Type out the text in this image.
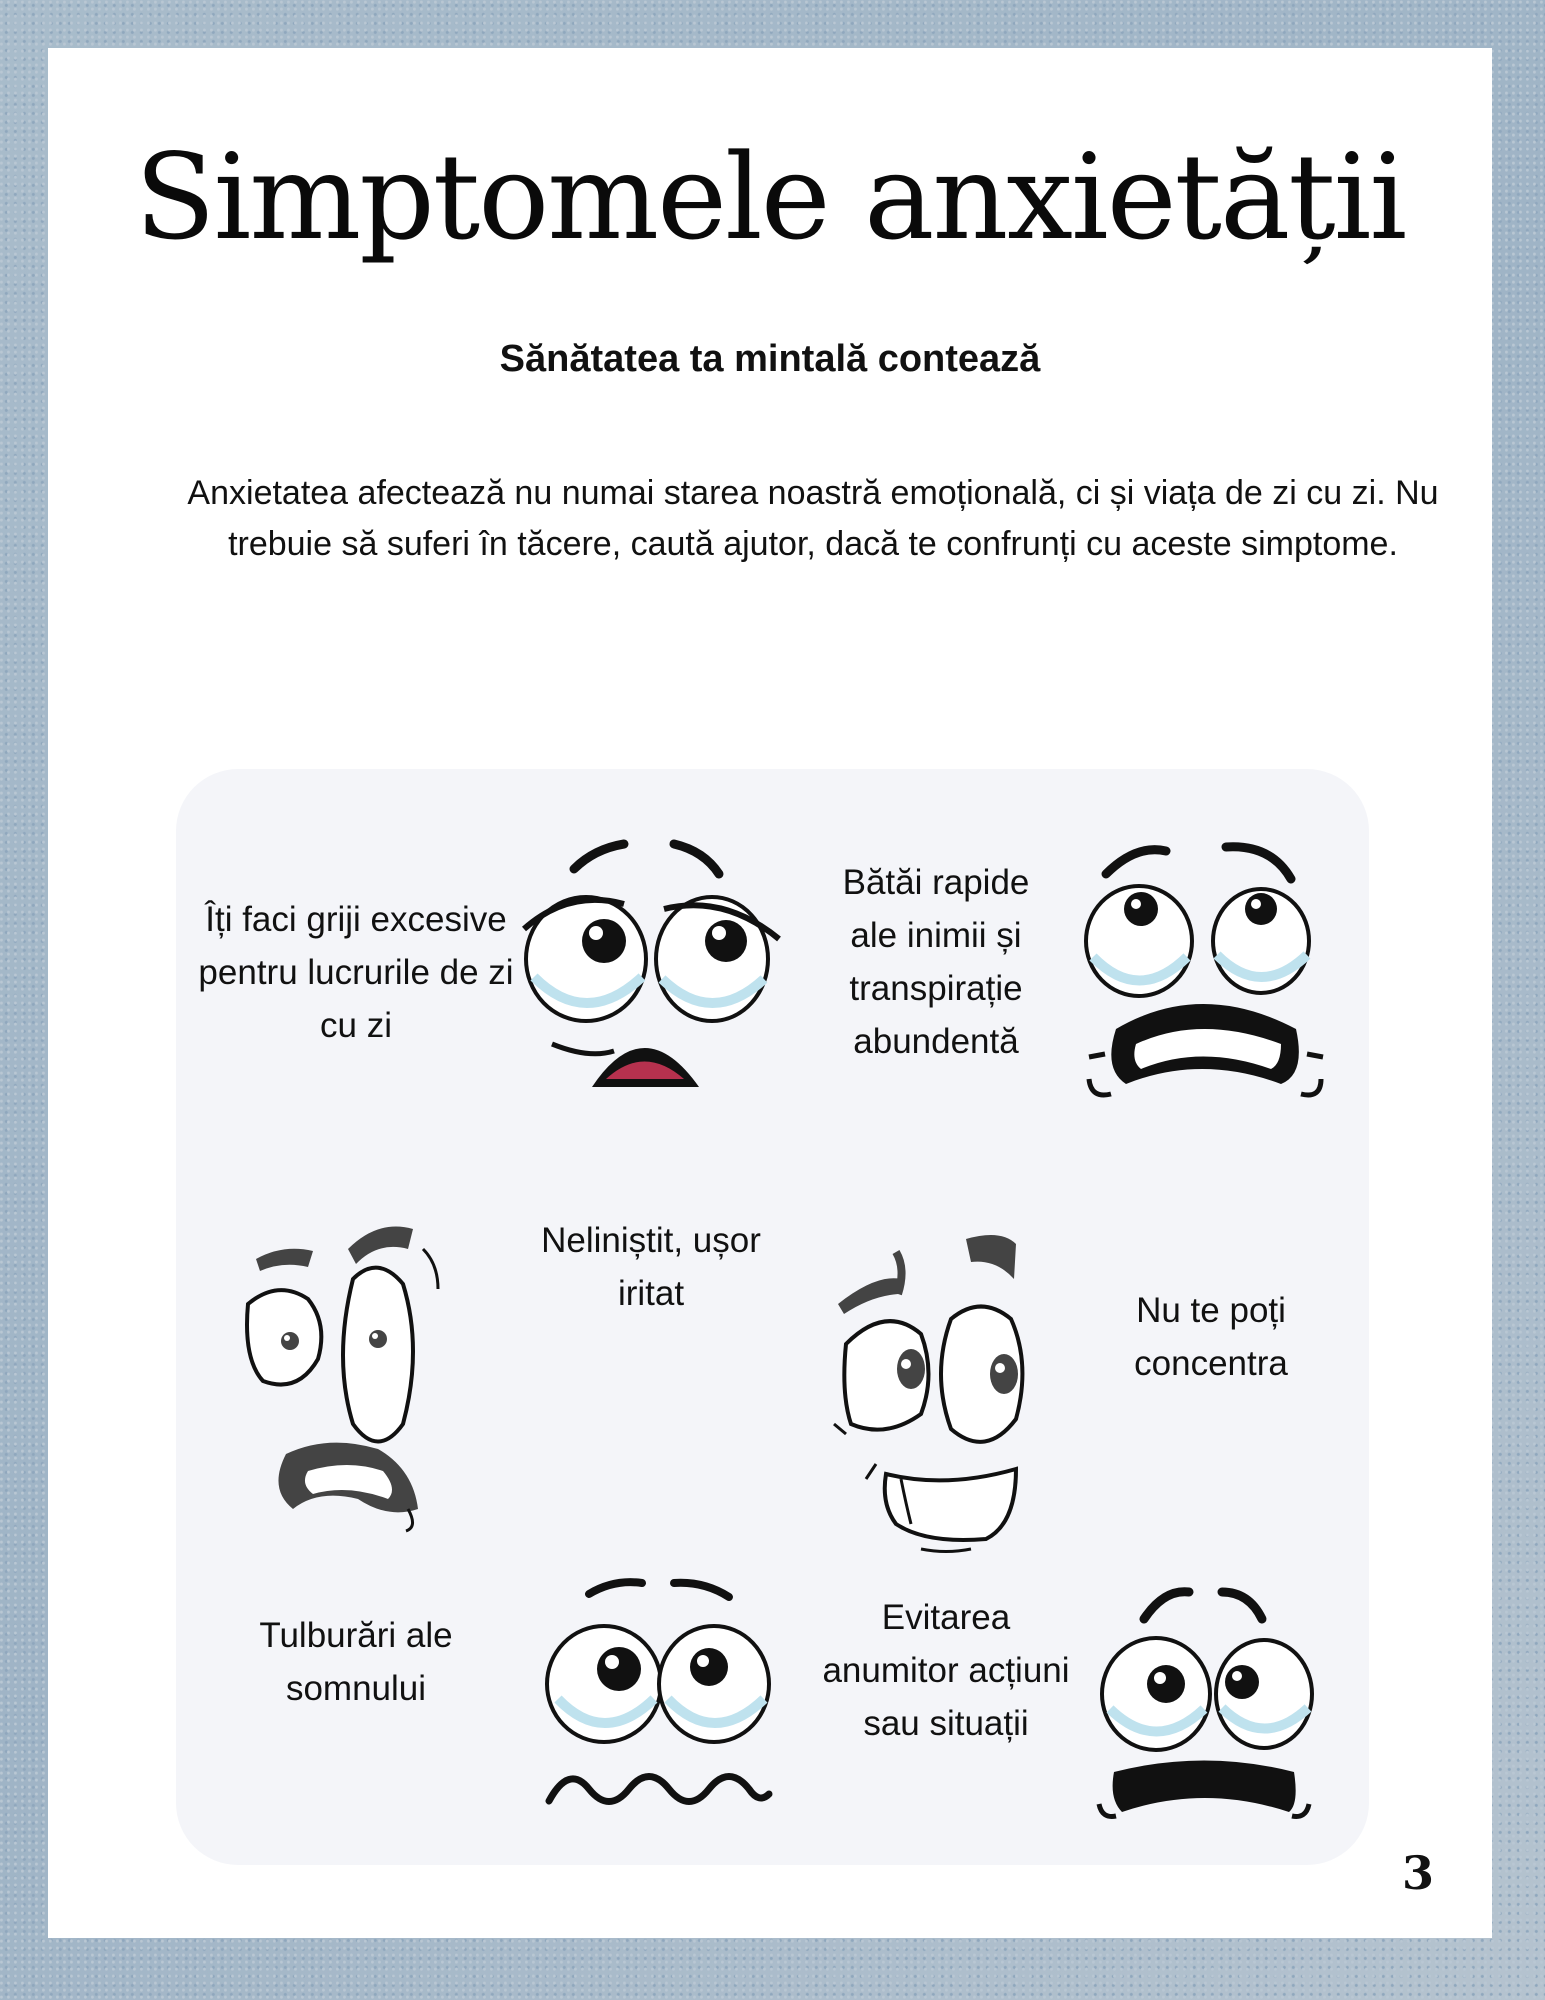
Simptomele anxietății
Sănătatea ta mintală contează

Anxietatea afectează nu numai starea noastră emoțională, ci și viața de zi cu zi. Nu trebuie să suferi în tăcere, caută ajutor, dacă te confrunți cu aceste simptome.

Îți faci griji excesive pentru lucrurile de zi cu zi
Bătăi rapide ale inimii și transpirație abundentă
Neliniștit, ușor iritat	Nu te poți concentra
Tulburări ale somnului
Evitarea anumitor acțiuni sau situații
3
